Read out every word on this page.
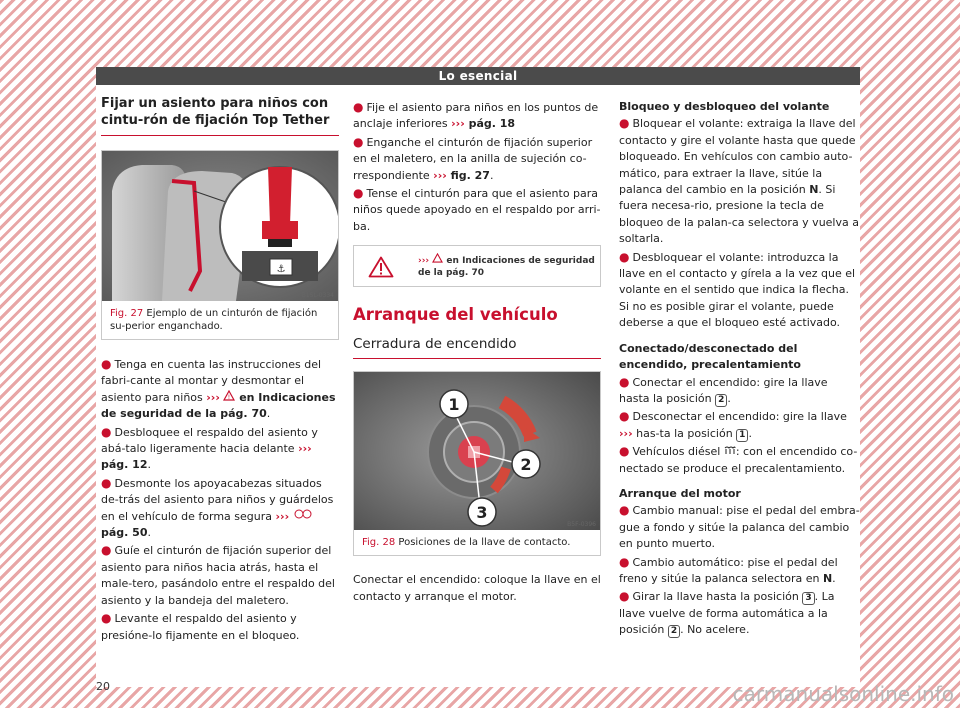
Lo esencial
Fijar un asiento para niños con cintu-rón de fijación Top Tether
⚓
B1SL-0334
Fig. 27 Ejemplo de un cinturón de fijación su-perior enganchado.
● Tenga en cuenta las instrucciones del fabri-cante al montar y desmontar el asiento para niños ››› ! en Indicaciones de seguridad de la pág. 70.
● Desbloquee el respaldo del asiento y abá-talo ligeramente hacia delante ››› pág. 12.
● Desmonte los apoyacabezas situados de-trás del asiento para niños y guárdelos en el vehículo de forma segura ›››  pág. 50.
● Guíe el cinturón de fijación superior del asiento para niños hacia atrás, hasta el male-tero, pasándolo entre el respaldo del asiento y la bandeja del maletero.
● Levante el respaldo del asiento y presióne-lo fijamente en el bloqueo.
● Fije el asiento para niños en los puntos de anclaje inferiores ››› pág. 18
● Enganche el cinturón de fijación superior en el maletero, en la anilla de sujeción co-rrespondiente ››› fig. 27.
● Tense el cinturón para que el asiento para niños quede apoyado en el respaldo por arri-ba.
››› en Indicaciones de seguridad de la pág. 70
Arranque del vehículo
Cerradura de encendido
1
2
3
B5F-0396
Fig. 28 Posiciones de la llave de contacto.

Conectar el encendido: coloque la llave en el contacto y arranque el motor.

Bloqueo y desbloqueo del volante

● Bloquear el volante: extraiga la llave del contacto y gire el volante hasta que quede bloqueado. En vehículos con cambio auto-mático, para extraer la llave, sitúe la palanca del cambio en la posición N. Si fuera necesa-rio, presione la tecla de bloqueo de la palan-ca selectora y vuelva a soltarla.
● Desbloquear el volante: introduzca la llave en el contacto y gírela a la vez que el volante en el sentido que indica la flecha. Si no es posible girar el volante, puede deberse a que el bloqueo esté activado.

Conectado/desconectado del encendido, precalentamiento

● Conectar el encendido: gire la llave hasta la posición 2 .
● Desconectar el encendido: gire la llave ››› has-ta la posición 1 .
● Vehículos diésel : con el encendido co-nectado se produce el precalentamiento.

Arranque del motor

● Cambio manual: pise el pedal del embra-gue a fondo y sitúe la palanca del cambio en punto muerto.
● Cambio automático: pise el pedal del freno y sitúe la palanca selectora en N.
● Girar la llave hasta la posición 3 . La llave vuelve de forma automática a la posición 2 . No acelere.
20	carmanualsonline.info
